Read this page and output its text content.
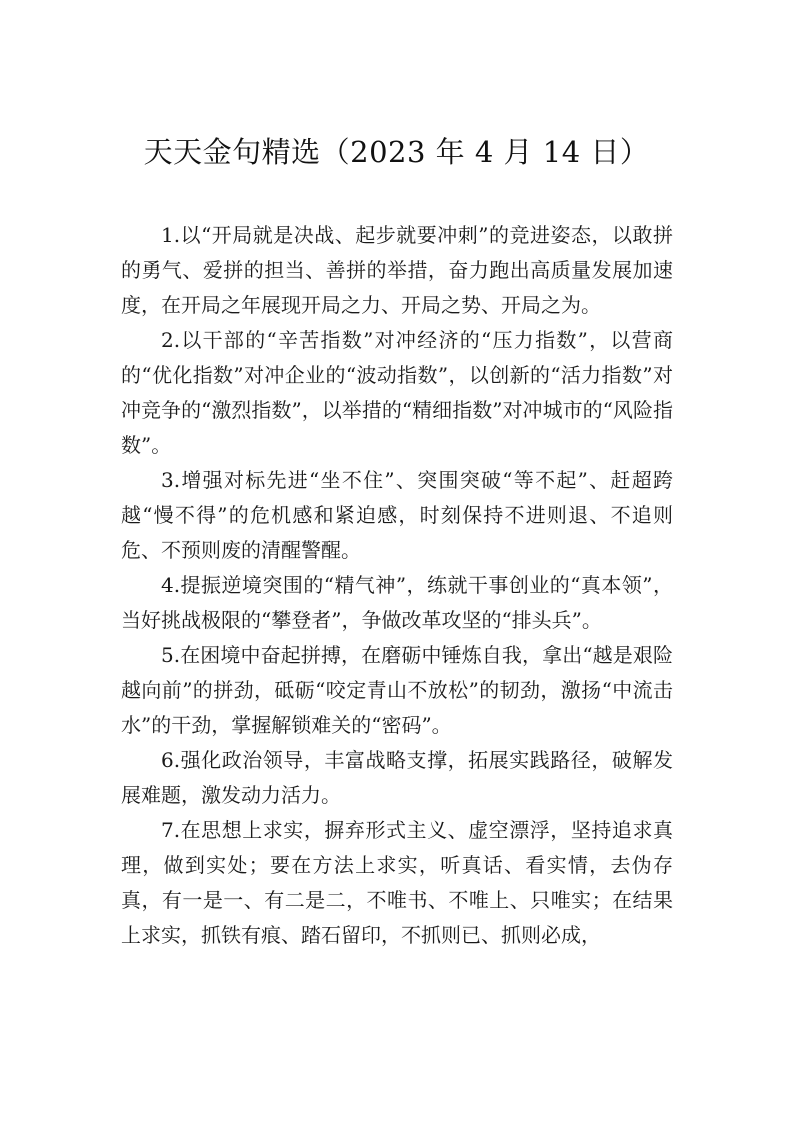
天天金句精选（2023 年 4 月 14 日）

1.以“开局就是决战、起步就要冲刺”的竞进姿态，以敢拼的勇气、爱拼的担当、善拼的举措，奋力跑出高质量发展加速度，在开局之年展现开局之力、开局之势、开局之为。

2.以干部的“辛苦指数”对冲经济的“压力指数”，以营商的“优化指数”对冲企业的“波动指数”，以创新的“活力指数”对冲竞争的“激烈指数”，以举措的“精细指数”对冲城市的“风险指数”。

3.增强对标先进“坐不住”、突围突破“等不起”、赶超跨越“慢不得”的危机感和紧迫感，时刻保持不进则退、不追则危、不预则废的清醒警醒。

4.提振逆境突围的“精气神”，练就干事创业的“真本领”，当好挑战极限的“攀登者”，争做改革攻坚的“排头兵”。

5.在困境中奋起拼搏，在磨砺中锤炼自我，拿出“越是艰险越向前”的拼劲，砥砺“咬定青山不放松”的韧劲，激扬“中流击水”的干劲，掌握解锁难关的“密码”。

6.强化政治领导，丰富战略支撑，拓展实践路径，破解发展难题，激发动力活力。

7.在思想上求实，摒弃形式主义、虚空漂浮，坚持追求真理，做到实处；要在方法上求实，听真话、看实情，去伪存真，有一是一、有二是二，不唯书、不唯上、只唯实；在结果上求实，抓铁有痕、踏石留印，不抓则已、抓则必成，
